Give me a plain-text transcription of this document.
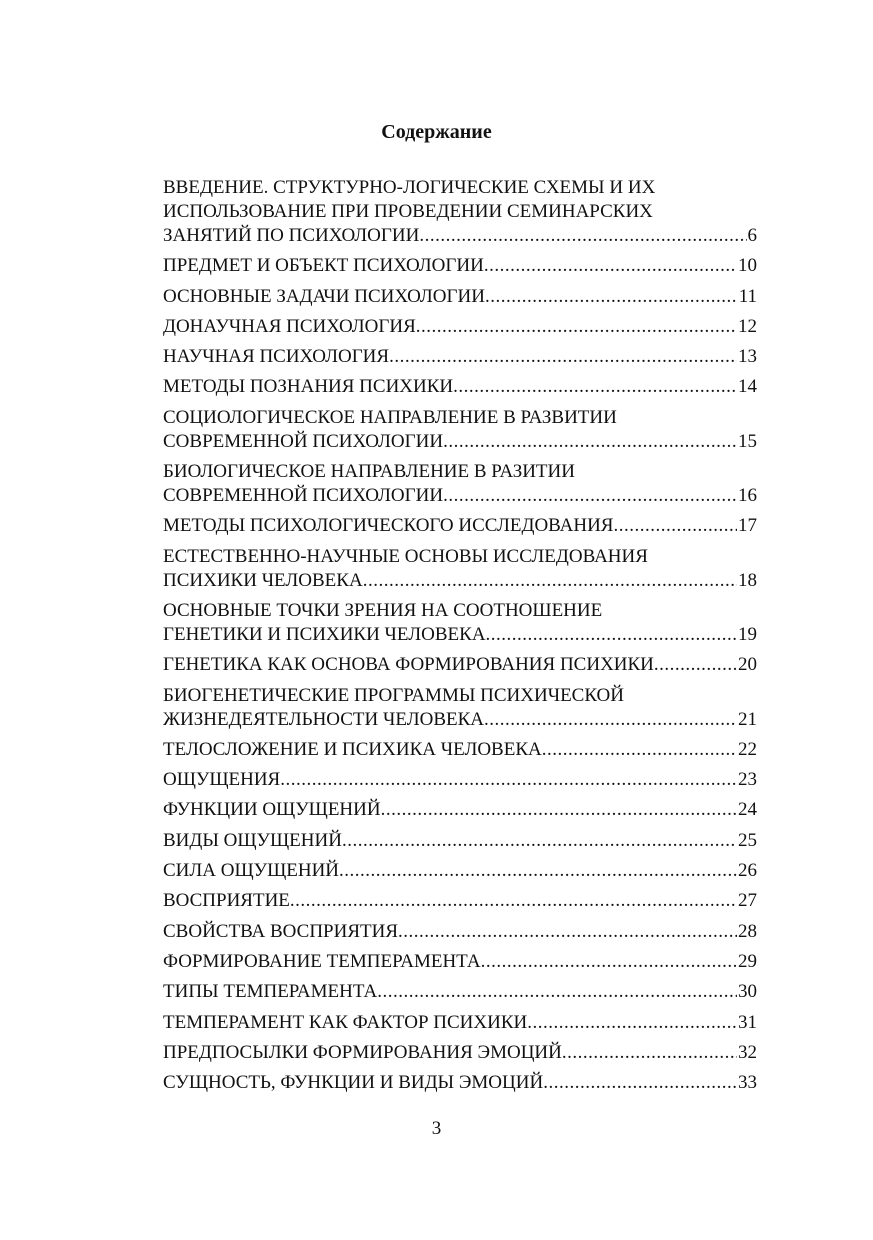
Содержание
ВВЕДЕНИЕ. СТРУКТУРНО-ЛОГИЧЕСКИЕ СХЕМЫ И ИХ
ИСПОЛЬЗОВАНИЕ ПРИ ПРОВЕДЕНИИ СЕМИНАРСКИХ
ЗАНЯТИЙ ПО ПСИХОЛОГИИ .....	6
ПРЕДМЕТ И ОБЪЕКТ ПСИХОЛОГИИ .....	10
ОСНОВНЫЕ ЗАДАЧИ ПСИХОЛОГИИ .....	11
ДОНАУЧНАЯ ПСИХОЛОГИЯ .....	12
НАУЧНАЯ ПСИХОЛОГИЯ .....	13
МЕТОДЫ ПОЗНАНИЯ ПСИХИКИ .....	14
СОЦИОЛОГИЧЕСКОЕ НАПРАВЛЕНИЕ В РАЗВИТИИ
СОВРЕМЕННОЙ ПСИХОЛОГИИ .....	15
БИОЛОГИЧЕСКОЕ НАПРАВЛЕНИЕ В РАЗИТИИ
СОВРЕМЕННОЙ ПСИХОЛОГИИ .....	16
МЕТОДЫ ПСИХОЛОГИЧЕСКОГО ИССЛЕДОВАНИЯ .....	17
ЕСТЕСТВЕННО-НАУЧНЫЕ ОСНОВЫ ИССЛЕДОВАНИЯ
ПСИХИКИ ЧЕЛОВЕКА .....	18
ОСНОВНЫЕ ТОЧКИ ЗРЕНИЯ НА СООТНОШЕНИЕ
ГЕНЕТИКИ И ПСИХИКИ ЧЕЛОВЕКА .....	19
ГЕНЕТИКА КАК ОСНОВА ФОРМИРОВАНИЯ ПСИХИКИ .....	20
БИОГЕНЕТИЧЕСКИЕ ПРОГРАММЫ ПСИХИЧЕСКОЙ
ЖИЗНЕДЕЯТЕЛЬНОСТИ ЧЕЛОВЕКА .....	21
ТЕЛОСЛОЖЕНИЕ И ПСИХИКА ЧЕЛОВЕКА .....	22
ОЩУЩЕНИЯ .....	23
ФУНКЦИИ ОЩУЩЕНИЙ .....	24
ВИДЫ ОЩУЩЕНИЙ .....	25
СИЛА ОЩУЩЕНИЙ .....	26
ВОСПРИЯТИЕ .....	27
СВОЙСТВА ВОСПРИЯТИЯ .....	28
ФОРМИРОВАНИЕ ТЕМПЕРАМЕНТА .....	29
ТИПЫ ТЕМПЕРАМЕНТА .....	30
ТЕМПЕРАМЕНТ КАК ФАКТОР ПСИХИКИ .....	31
ПРЕДПОСЫЛКИ ФОРМИРОВАНИЯ ЭМОЦИЙ .....	32
СУЩНОСТЬ, ФУНКЦИИ И ВИДЫ ЭМОЦИЙ .....	33
3
